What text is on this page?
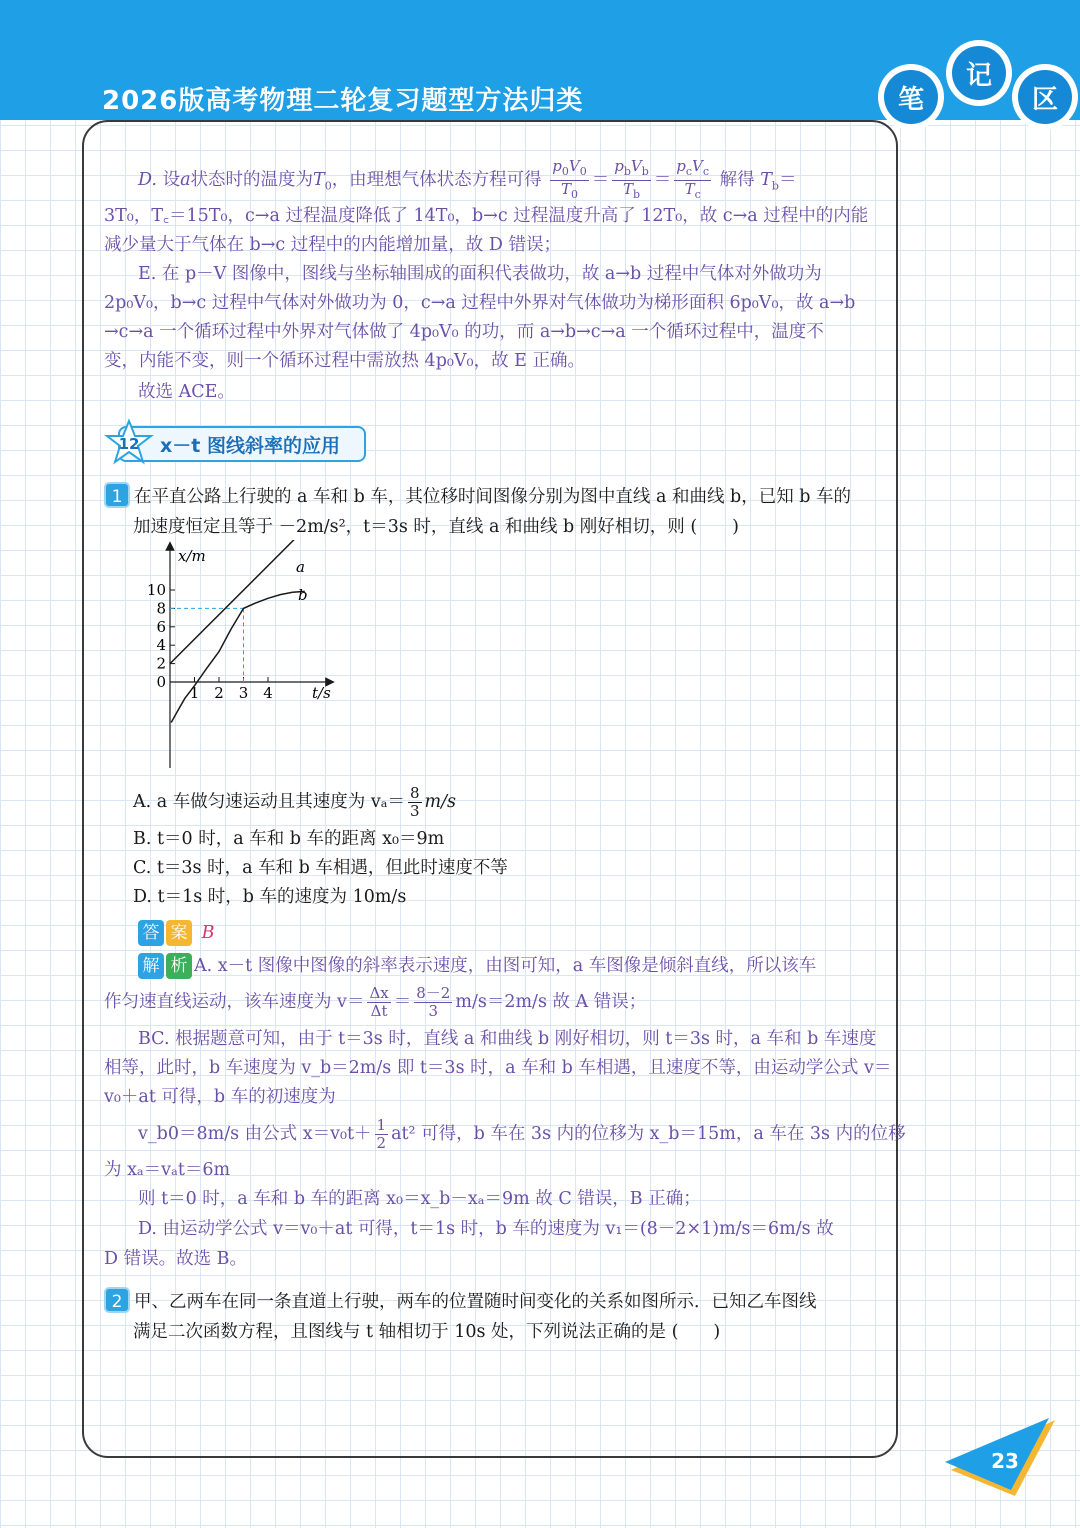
2026版高考物理二轮复习题型方法归类	笔
记
区
D. 设a状态时的温度为$T_0$，由理想气体状态方程可得 $\frac{p_0V_0}{T_0} = \frac{p_bV_b}{T_b} = \frac{p_cV_c}{T_c}$ 解得 $T_b=$
3T₀，T꜀＝15T₀，c→a 过程温度降低了 14T₀，b→c 过程温度升高了 12T₀，故 c→a 过程中的内能
减少量大于气体在 b→c 过程中的内能增加量，故 D 错误；
E. 在 p－V 图像中，图线与坐标轴围成的面积代表做功，故 a→b 过程中气体对外做功为
2p₀V₀，b→c 过程中气体对外做功为 0，c→a 过程中外界对气体做功为梯形面积 6p₀V₀，故 a→b
→c→a 一个循环过程中外界对气体做了 4p₀V₀ 的功，而 a→b→c→a 一个循环过程中，温度不
变，内能不变，则一个循环过程中需放热 4p₀V₀，故 E 正确。
故选 ACE。
12 x－t 图线斜率的应用
1 在平直公路上行驶的 a 车和 b 车，其位移时间图像分别为图中直线 a 和曲线 b，已知 b 车的
加速度恒定且等于 －2m/s²，t＝3s 时，直线 a 和曲线 b 刚好相切，则 (　　)
10
8
6
4
2
0
1 2 3 4
x/m
t/s
a
b
A. a 车做匀速运动且其速度为 $v_a= \frac{8}{3} m/s$
B. t＝0 时，a 车和 b 车的距离 x₀＝9m
C. t＝3s 时，a 车和 b 车相遇，但此时速度不等
D. t＝1s 时，b 车的速度为 10m/s
答 案 B
解 析 A. x－t 图像中图像的斜率表示速度，由图可知，a 车图像是倾斜直线，所以该车
作匀速直线运动，该车速度为 $v= \frac{\Delta x}{\Delta t} = \frac{8-2}{3} m/s=2m/s$ 故 A 错误；
BC. 根据题意可知，由于 t＝3s 时，直线 a 和曲线 b 刚好相切，则 t＝3s 时，a 车和 b 车速度
相等，此时，b 车速度为 v_b＝2m/s 即 t＝3s 时，a 车和 b 车相遇，且速度不等，由运动学公式 v＝
v₀＋at 可得，b 车的初速度为
v_b0＝8m/s 由公式 $x=v_0t+ \frac{1}{2} at^2$ 可得，b 车在 3s 内的位移为 x_b＝15m，a 车在 3s 内的位移
为 xₐ＝vₐt＝6m
则 t＝0 时，a 车和 b 车的距离 x₀＝x_b－xₐ＝9m 故 C 错误，B 正确；
D. 由运动学公式 v＝v₀＋at 可得，t＝1s 时，b 车的速度为 v₁＝(8－2×1)m/s＝6m/s 故
D 错误。故选 B。
2 甲、乙两车在同一条直道上行驶，两车的位置随时间变化的关系如图所示．已知乙车图线
满足二次函数方程，且图线与 t 轴相切于 10s 处，下列说法正确的是 (　　)
23
